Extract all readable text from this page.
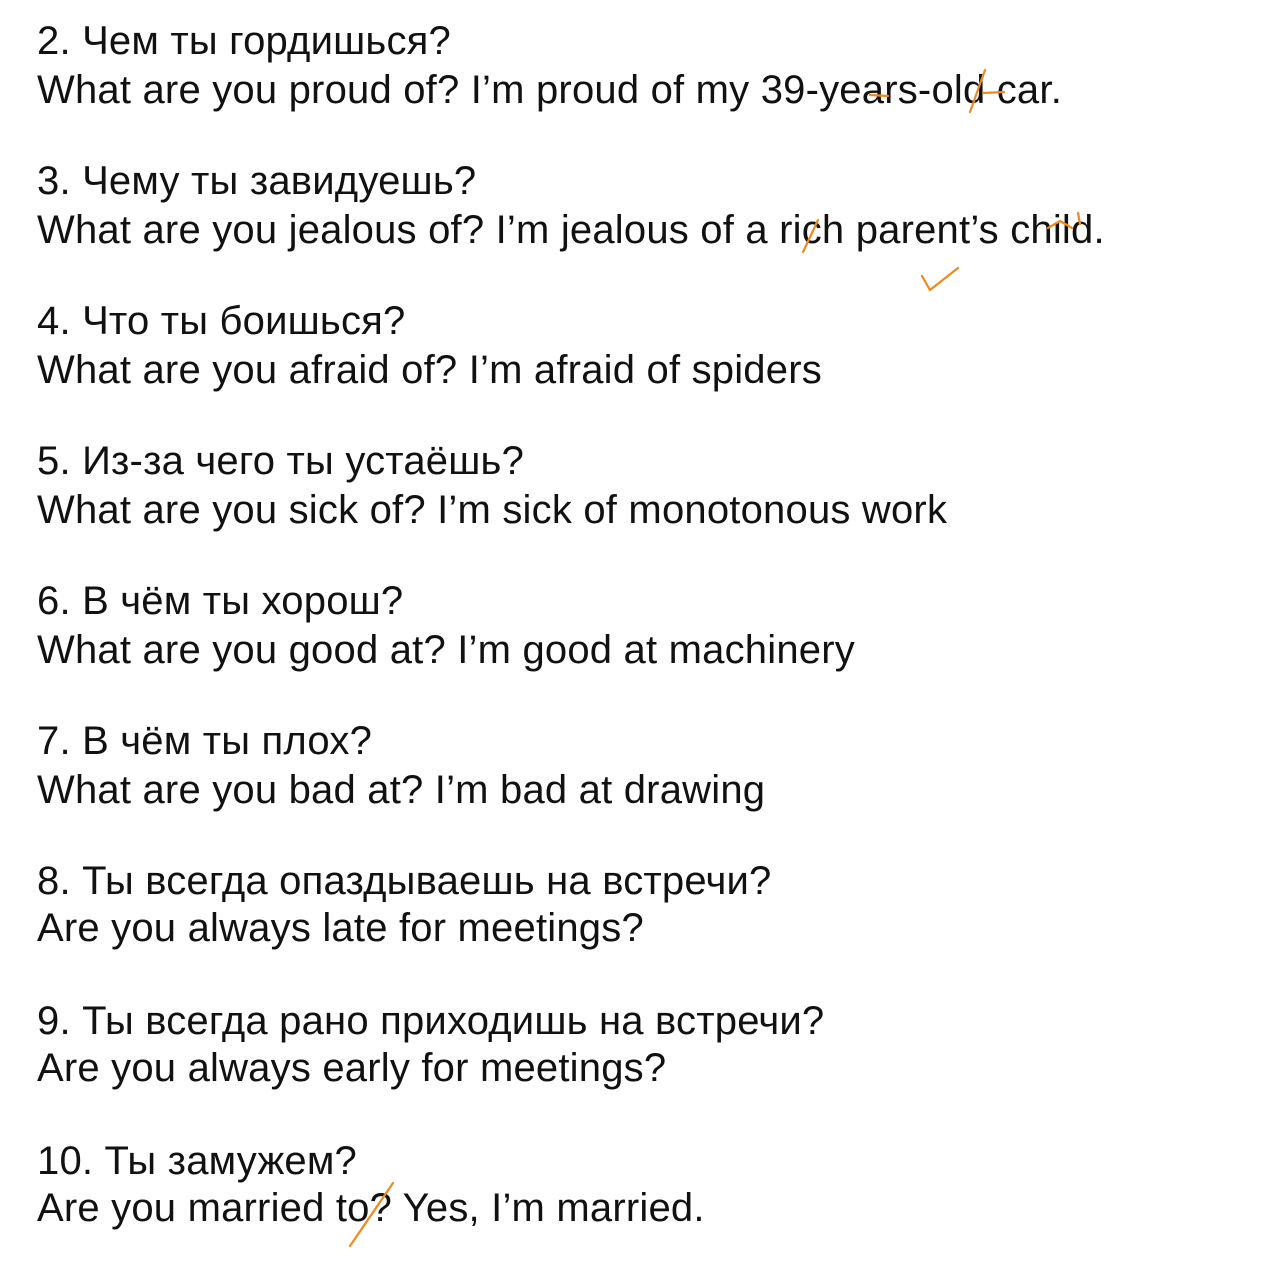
2. Чем ты гордишься?
What are you proud of? I’m proud of my 39-years-old car.
3. Чему ты завидуешь?
What are you jealous of? I’m jealous of a rich parent’s child.
4. Что ты боишься?
What are you afraid of? I’m afraid of spiders
5. Из-за чего ты устаёшь?
What are you sick of? I’m sick of monotonous work
6. В чём ты хорош?
What are you good at? I’m good at machinery
7. В чём ты плох?
What are you bad at? I’m bad at drawing
8. Ты всегда опаздываешь на встречи?
Are you always late for meetings?
9. Ты всегда рано приходишь на встречи?
Are you always early for meetings?
10. Ты замужем?
Are you married to? Yes, I’m married.
